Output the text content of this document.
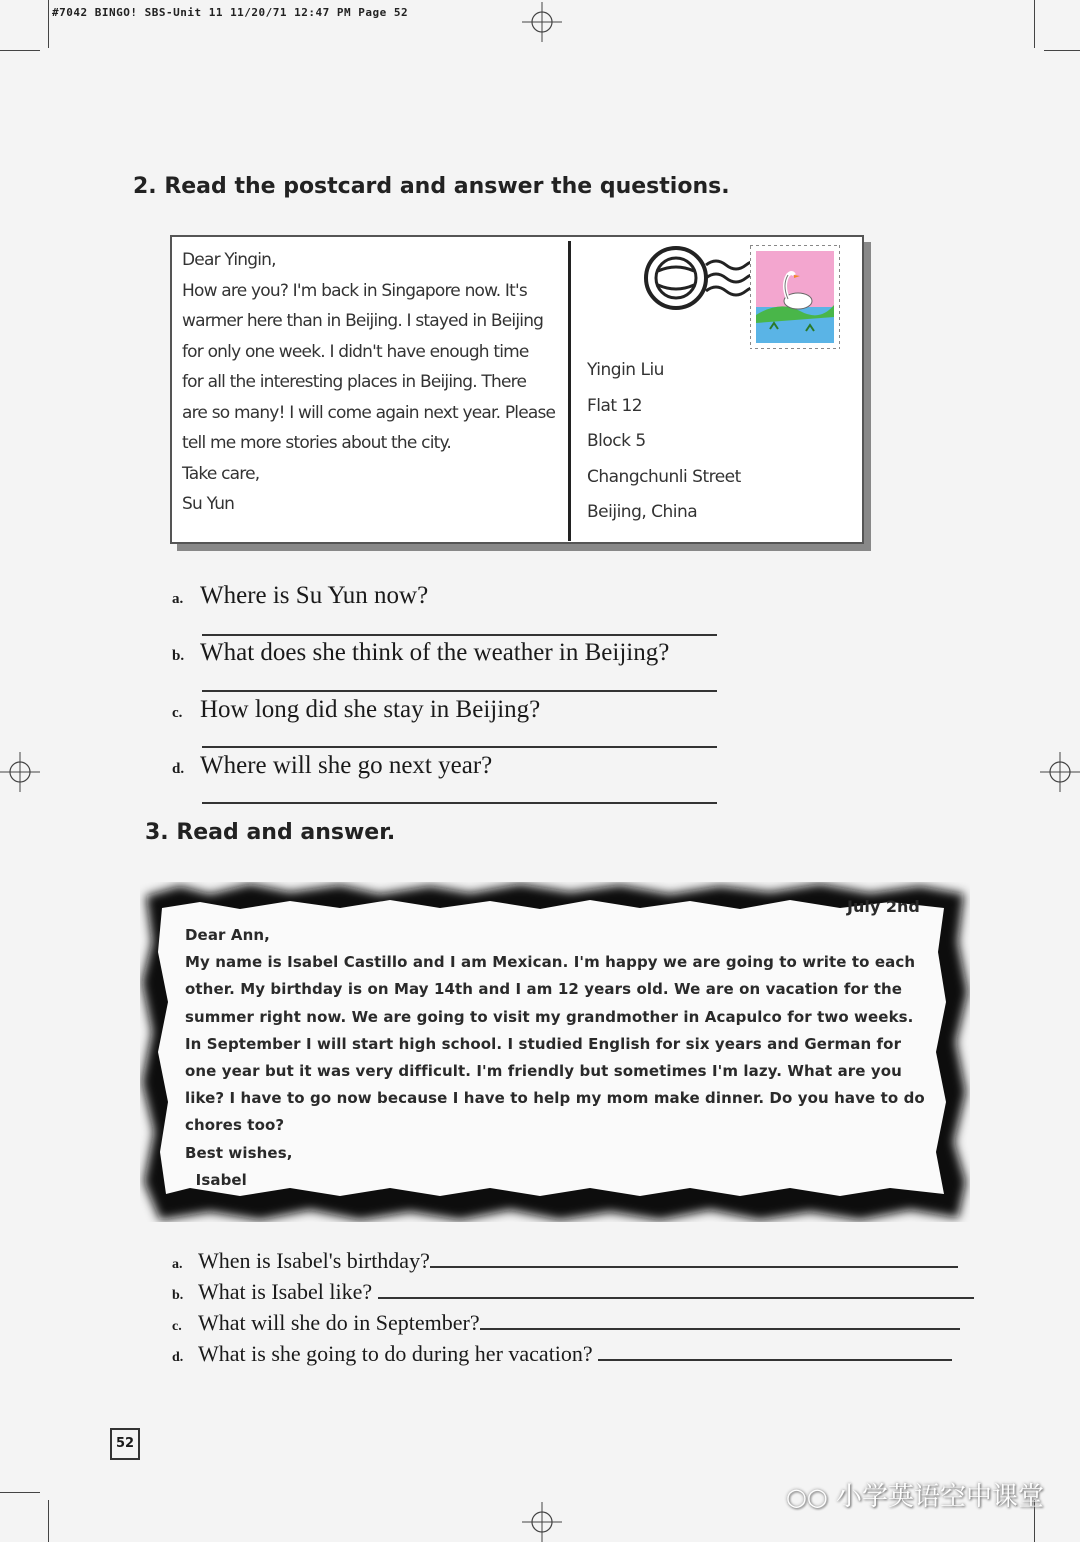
#7042 BINGO! SBS-Unit 11 11/20/71 12:47 PM Page 52
2. Read the postcard and answer the questions.
Dear Yingin,
How are you? I'm back in Singapore now. It's
warmer here than in Beijing. I stayed in Beijing
for only one week. I didn't have enough time
for all the interesting places in Beijing. There
are so many! I will come again next year. Please
tell me more stories about the city.
Take care,
Su Yun
Yingin Liu
Flat 12
Block 5
Changchunli Street
Beijing, China
a. Where is Su Yun now?
b. What does she think of the weather in Beijing?
c. How long did she stay in Beijing?
d. Where will she go next year?
3. Read and answer.
July 2nd
Dear Ann,
My name is Isabel Castillo and I am Mexican. I'm happy we are going to write to each
other. My birthday is on May 14th and I am 12 years old. We are on vacation for the
summer right now. We are going to visit my grandmother in Acapulco for two weeks.
In September I will start high school. I studied English for six years and German for
one year but it was very difficult. I'm friendly but sometimes I'm lazy. What are you
like? I have to go now because I have to help my mom make dinner. Do you have to do
chores too?
Best wishes,
Isabel
a. When is Isabel's birthday?
b. What is Isabel like?
c. What will she do in September?
d. What is she going to do during her vacation?
52
○○ 小学英语空中课堂
